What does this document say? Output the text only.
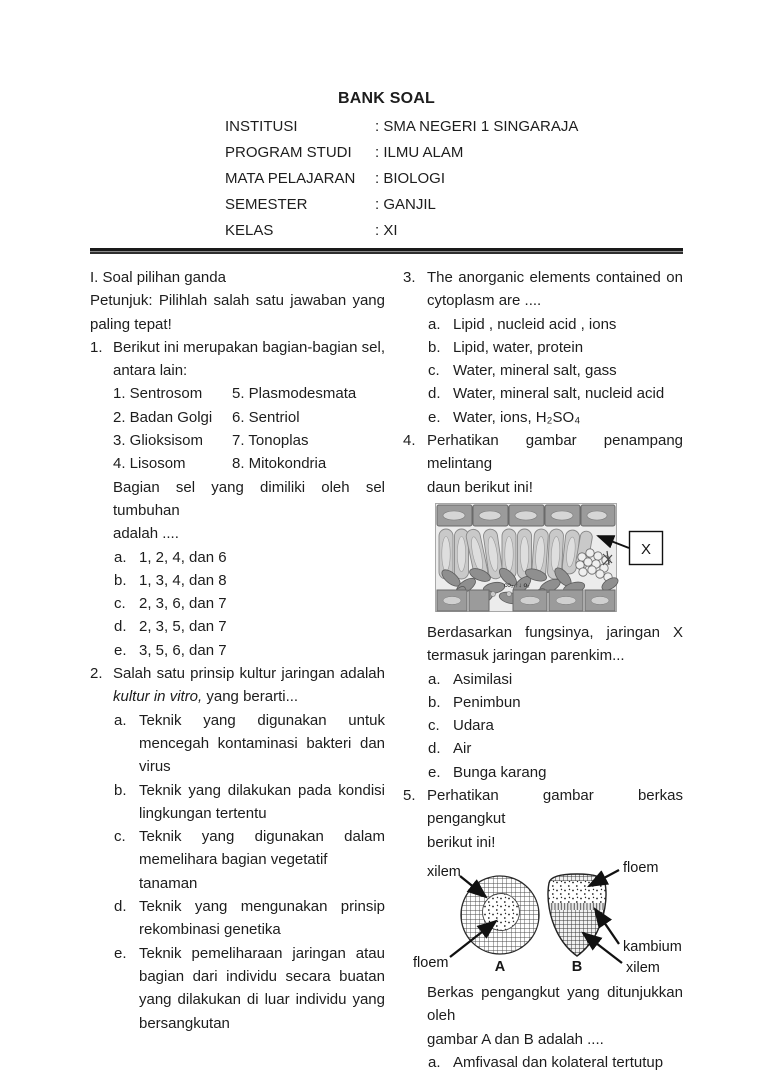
BANK SOAL
INSTITUSI	: SMA NEGERI 1 SINGARAJA
PROGRAM STUDI : ILMU ALAM
MATA PELAJARAN : BIOLOGI
SEMESTER	: GANJIL
KELAS	: XI
I. Soal pilihan ganda
Petunjuk: Pilihlah salah satu jawaban yang
paling tepat!
1. Berikut ini merupakan bagian-bagian sel,
antara lain:
1. Sentrosom	5. Plasmodesmata
2. Badan Golgi	6. Sentriol
3. Glioksisom	7. Tonoplas
4. Lisosom	8. Mitokondria
Bagian sel yang dimiliki oleh sel tumbuhan
adalah ....
a. 1, 2, 4, dan 6
b. 1, 3, 4, dan 8
c. 2, 3, 6, dan 7
d. 2, 3, 5, dan 7
e. 3, 5, 6, dan 7
2. Salah satu prinsip kultur jaringan adalah
kultur in vitro, yang berarti...
a. Teknik yang digunakan untuk
mencegah kontaminasi bakteri dan
virus
b. Teknik yang dilakukan pada kondisi
lingkungan tertentu
c. Teknik yang digunakan dalam
memelihara bagian vegetatif tanaman
d. Teknik yang mengunakan prinsip
rekombinasi genetika
e. Teknik pemeliharaan jaringan atau
bagian dari individu secara buatan
yang dilakukan di luar individu yang
bersangkutan
3. The anorganic elements contained on
cytoplasm are ....
a. Lipid , nucleid acid , ions
b. Lipid, water, protein
c. Water, mineral salt, gass
d. Water, mineral salt, nucleid acid
e. Water, ions, H₂SO₄
4. Perhatikan gambar penampang melintang
daun berikut ini!
co₂ ↑↓ o₂
X
Berdasarkan fungsinya, jaringan X
termasuk jaringan parenkim...
a. Asimilasi
b. Penimbun
c. Udara
d. Air
e. Bunga karang
5. Perhatikan gambar berkas pengangkut
berikut ini!
xilem
floem	A	B
floem
kambium
xilem
Berkas pengangkut yang ditunjukkan oleh
gambar A dan B adalah ....
a. Amfivasal dan kolateral tertutup
